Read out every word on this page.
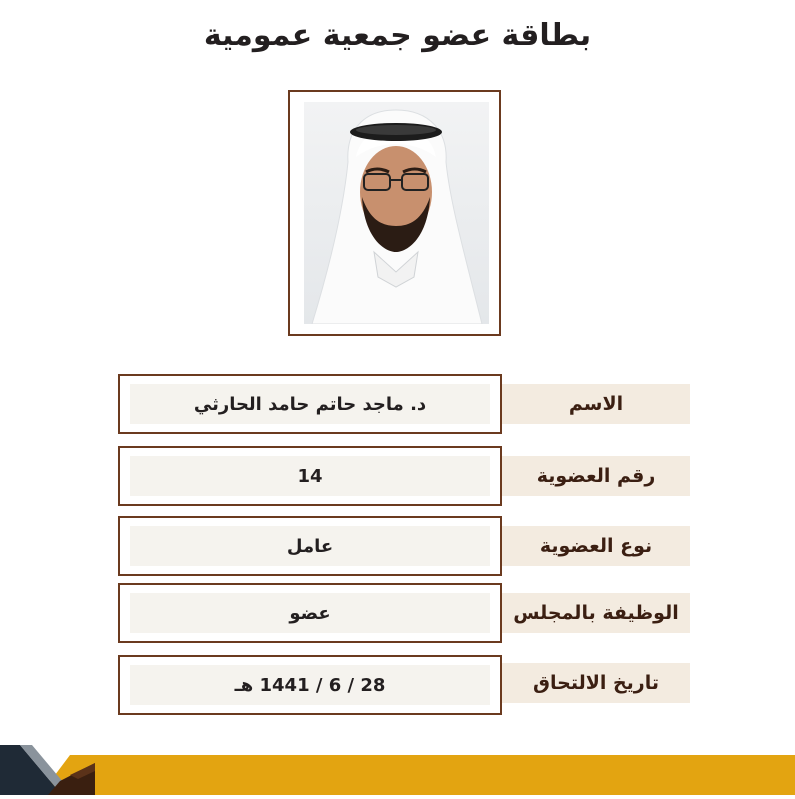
بطاقة عضو جمعية عمومية
الاسم
د. ماجد حاتم حامد الحارثي
رقم العضوية
14
نوع العضوية
عامل
الوظيفة بالمجلس
عضو
تاريخ الالتحاق
28 / 6 / 1441 هـ
